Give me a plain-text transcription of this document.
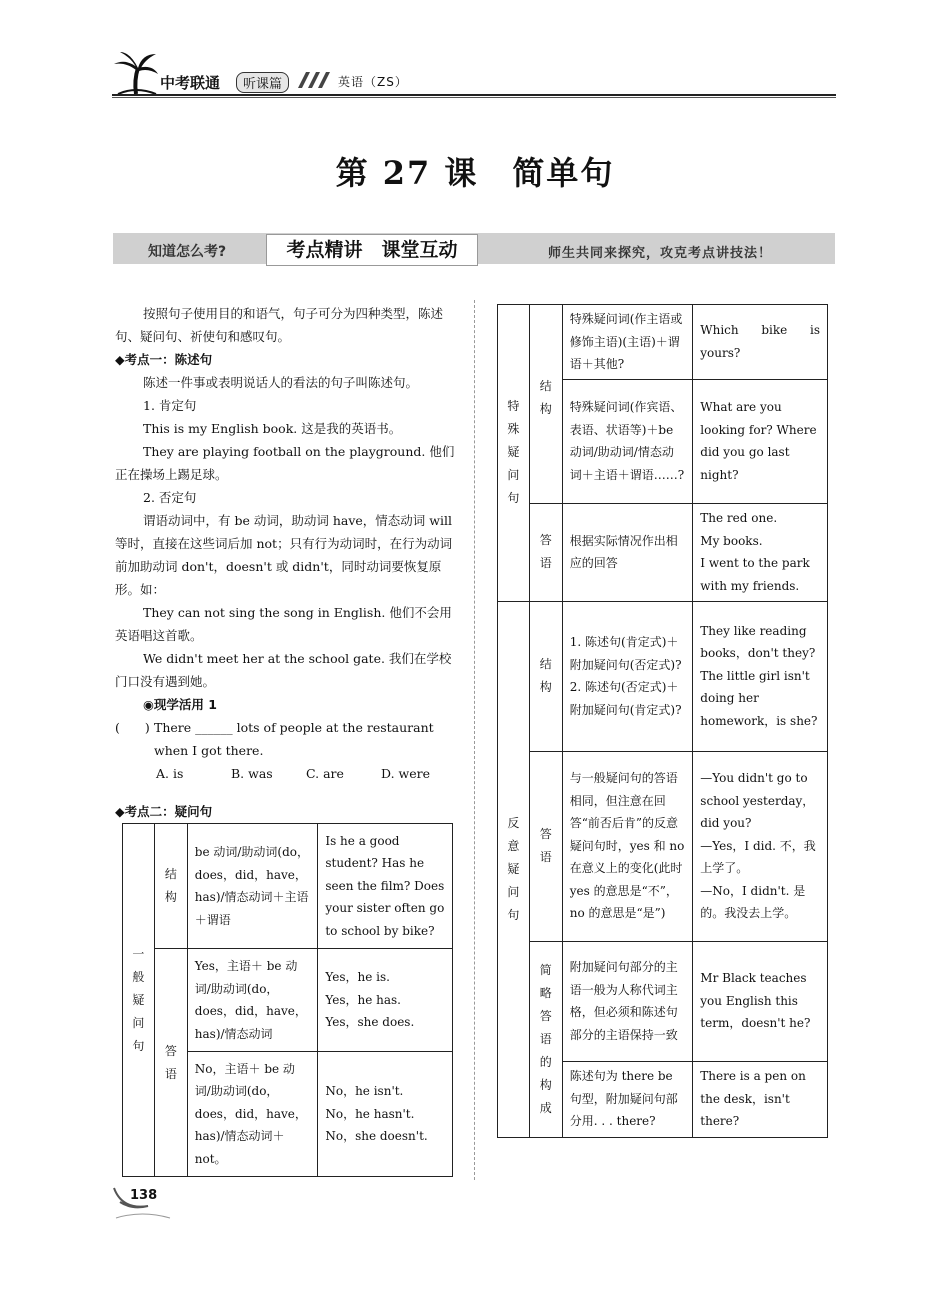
中考联通	听课篇	英语（ZS）
第 27 课　简单句
知道怎么考?	考点精讲　课堂互动	师生共同来探究，攻克考点讲技法！
按照句子使用目的和语气，句子可分为四种类型，陈述句、疑问句、祈使句和感叹句。
◆考点一：陈述句
陈述一件事或表明说话人的看法的句子叫陈述句。
1. 肯定句
This is my English book. 这是我的英语书。
They are playing football on the playground. 他们正在操场上踢足球。
2. 否定句
谓语动词中，有 be 动词，助动词 have，情态动词 will 等时，直接在这些词后加 not；只有行为动词时，在行为动词前加助动词 don't，doesn't 或 didn't，同时动词要恢复原形。如：
They can not sing the song in English. 他们不会用英语唱这首歌。
We didn't meet her at the school gate. 我们在学校门口没有遇到她。
◉现学活用 1
(　　) There ______ lots of people at the restaurant when I got there.
A. is	B. was	C. are	D. were
◆考点二：疑问句
一般疑问句	结构	be 动词/助动词(do，does，did，have，has)/情态动词＋主语＋谓语	Is he a good student? Has he seen the film? Does your sister often go to school by bike?
	答语	Yes，主语＋ be 动词/助动词(do，does，did，have，has)/情态动词	Yes，he is.
Yes，he has.
Yes，she does.

		No，主语＋ be 动词/助动词(do，does，did，have，has)/情态动词＋not。	No，he isn't.
No，he hasn't.
No，she doesn't.
特殊疑问句	结构	特殊疑问词(作主语或修饰主语)(主语)＋谓语＋其他?	Which bike is yours?
		特殊疑问词(作宾语、表语、状语等)＋be 动词/助动词/情态动词＋主语＋谓语……?	What are you looking for? Where did you go last night?
	答语	根据实际情况作出相应的回答	The red one.
My books.
I went to the park with my friends.

反意疑问句	结构	1. 陈述句(肯定式)＋附加疑问句(否定式)?
2. 陈述句(否定式)＋附加疑问句(肯定式)?	They like reading books，don't they? The little girl isn't doing her homework，is she?
	答语	与一般疑问句的答语相同，但注意在回答“前否后肯”的反意疑问句时，yes 和 no 在意义上的变化(此时 yes 的意思是“不”，no 的意思是“是”)	—You didn't go to school yesterday，did you?
—Yes，I did. 不，我上学了。
—No，I didn't. 是的。我没去上学。

	简略答语的构成	附加疑问句部分的主语一般为人称代词主格，但必须和陈述句部分的主语保持一致	Mr Black teaches you English this term，doesn't he?
		陈述句为 there be 句型，附加疑问句部分用. . . there?	There is a pen on the desk，isn't there?
138
